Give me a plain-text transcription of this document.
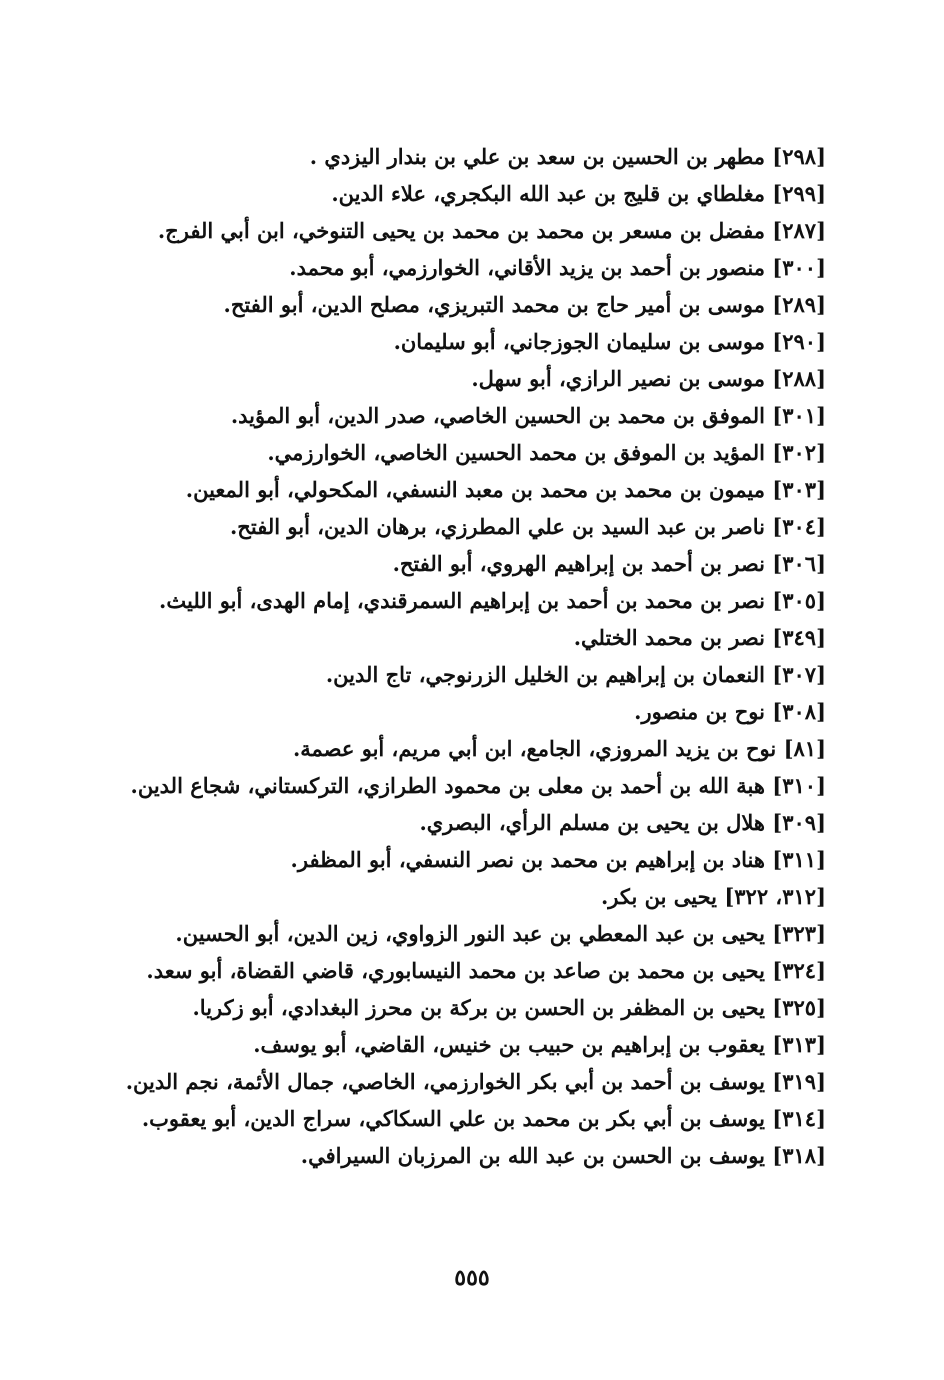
[٢٩٨] مطهر بن الحسين بن سعد بن علي بن بندار اليزدي .
[٢٩٩] مغلطاي بن قليج بن عبد الله البكجري، علاء الدين.
[٢٨٧] مفضل بن مسعر بن محمد بن محمد بن يحيى التنوخي، ابن أبي الفرج.
[٣٠٠] منصور بن أحمد بن يزيد الأقاني، الخوارزمي، أبو محمد.
[٢٨٩] موسى بن أمير حاج بن محمد التبريزي، مصلح الدين، أبو الفتح.
[٢٩٠] موسى بن سليمان الجوزجاني، أبو سليمان.
[٢٨٨] موسى بن نصير الرازي، أبو سهل.
[٣٠١] الموفق بن محمد بن الحسين الخاصي، صدر الدين، أبو المؤيد.
[٣٠٢] المؤيد بن الموفق بن محمد الحسين الخاصي، الخوارزمي.
[٣٠٣] ميمون بن محمد بن محمد بن معبد النسفي، المكحولي، أبو المعين.
[٣٠٤] ناصر بن عبد السيد بن علي المطرزي، برهان الدين، أبو الفتح.
[٣٠٦] نصر بن أحمد بن إبراهيم الهروي، أبو الفتح.
[٣٠٥] نصر بن محمد بن أحمد بن إبراهيم السمرقندي، إمام الهدى، أبو الليث.
[٣٤٩] نصر بن محمد الختلي.
[٣٠٧] النعمان بن إبراهيم بن الخليل الزرنوجي، تاج الدين.
[٣٠٨] نوح بن منصور.
[٨١] نوح بن يزيد المروزي، الجامع، ابن أبي مريم، أبو عصمة.
[٣١٠] هبة الله بن أحمد بن معلى بن محمود الطرازي، التركستاني، شجاع الدين.
[٣٠٩] هلال بن يحيى بن مسلم الرأي، البصري.
[٣١١] هناد بن إبراهيم بن محمد بن نصر النسفي، أبو المظفر.
[٣١٢، ٣٢٢] يحيى بن بكر.
[٣٢٣] يحيى بن عبد المعطي بن عبد النور الزواوي، زين الدين، أبو الحسين.
[٣٢٤] يحيى بن محمد بن صاعد بن محمد النيسابوري، قاضي القضاة، أبو سعد.
[٣٢٥] يحيى بن المظفر بن الحسن بن بركة بن محرز البغدادي، أبو زكريا.
[٣١٣] يعقوب بن إبراهيم بن حبيب بن خنيس، القاضي، أبو يوسف.
[٣١٩] يوسف بن أحمد بن أبي بكر الخوارزمي، الخاصي، جمال الأئمة، نجم الدين.
[٣١٤] يوسف بن أبي بكر بن محمد بن علي السكاكي، سراج الدين، أبو يعقوب.
[٣١٨] يوسف بن الحسن بن عبد الله بن المرزبان السيرافي.
٥٥٥
